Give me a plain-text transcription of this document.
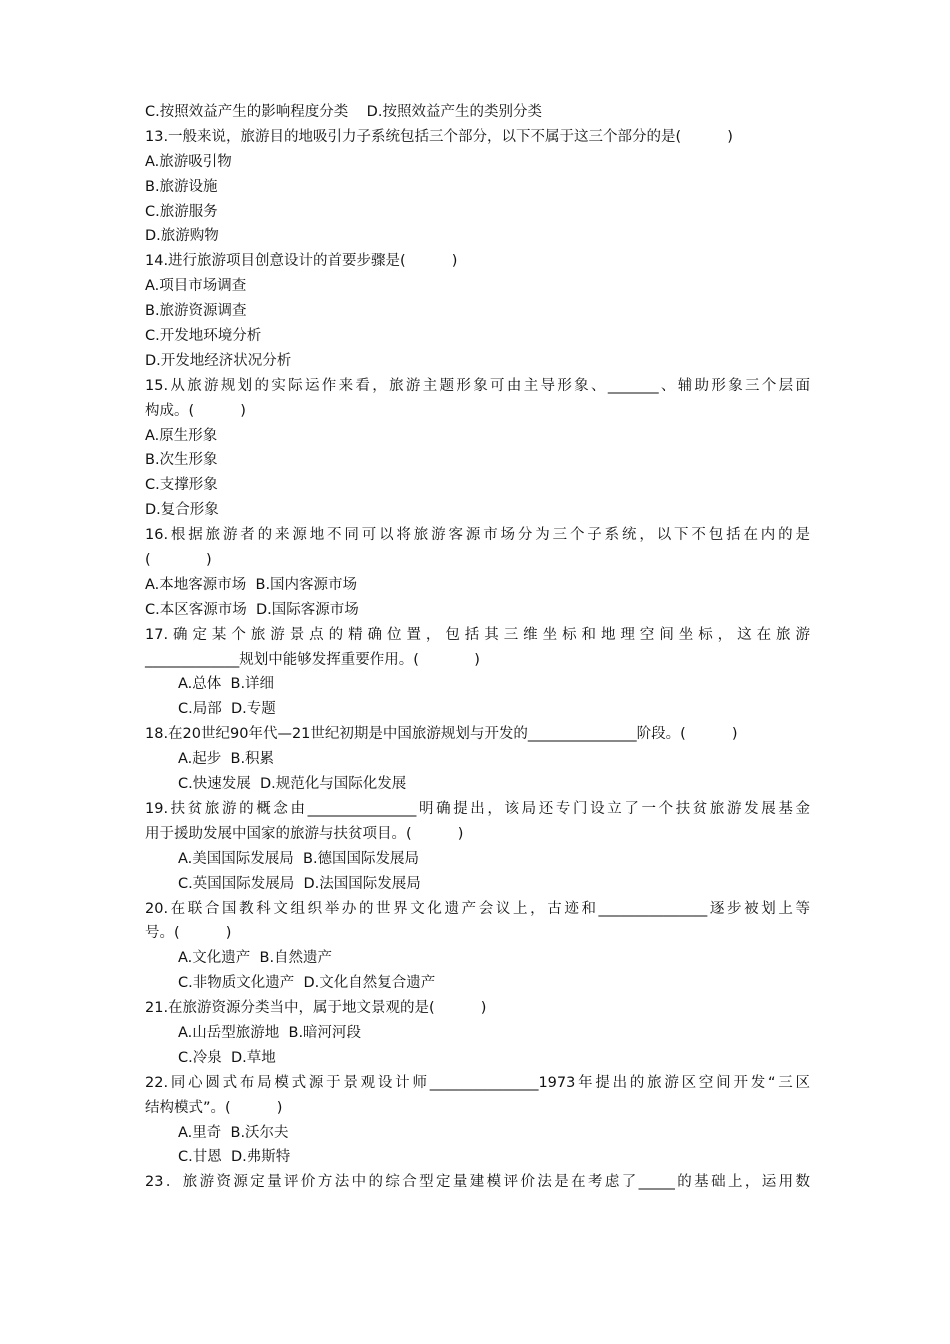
C.按照效益产生的影响程度分类    D.按照效益产生的类别分类
13.一般来说，旅游目的地吸引力子系统包括三个部分，以下不属于这三个部分的是(          )
A.旅游吸引物
B.旅游设施
C.旅游服务
D.旅游购物
14.进行旅游项目创意设计的首要步骤是(          )
A.项目市场调查
B.旅游资源调查
C.开发地环境分析
D.开发地经济状况分析
15.从旅游规划的实际运作来看，旅游主题形象可由主导形象、_______、辅助形象三个层面
构成。(          )
A.原生形象
B.次生形象
C.支撑形象
D.复合形象
16.根据旅游者的来源地不同可以将旅游客源市场分为三个子系统，以下不包括在内的是
(            )
A.本地客源市场  B.国内客源市场
C.本区客源市场  D.国际客源市场
17.确定某个旅游景点的精确位置，包括其三维坐标和地理空间坐标，这在旅游
_____________规划中能够发挥重要作用。(            )
A.总体  B.详细
C.局部  D.专题
18.在20世纪90年代—21世纪初期是中国旅游规划与开发的_______________阶段。(          )
A.起步  B.积累
C.快速发展  D.规范化与国际化发展
19.扶贫旅游的概念由_______________明确提出，该局还专门设立了一个扶贫旅游发展基金
用于援助发展中国家的旅游与扶贫项目。(          )
A.美国国际发展局  B.德国国际发展局
C.英国国际发展局  D.法国国际发展局
20.在联合国教科文组织举办的世界文化遗产会议上，古迹和_______________逐步被划上等
号。(          )
A.文化遗产  B.自然遗产
C.非物质文化遗产  D.文化自然复合遗产
21.在旅游资源分类当中，属于地文景观的是(          )
A.山岳型旅游地  B.暗河河段
C.冷泉  D.草地
22.同心圆式布局模式源于景观设计师_______________1973年提出的旅游区空间开发“三区
结构模式”。(          )
A.里奇  B.沃尔夫
C.甘恩  D.弗斯特
23．旅游资源定量评价方法中的综合型定量建模评价法是在考虑了_____的基础上，运用数
